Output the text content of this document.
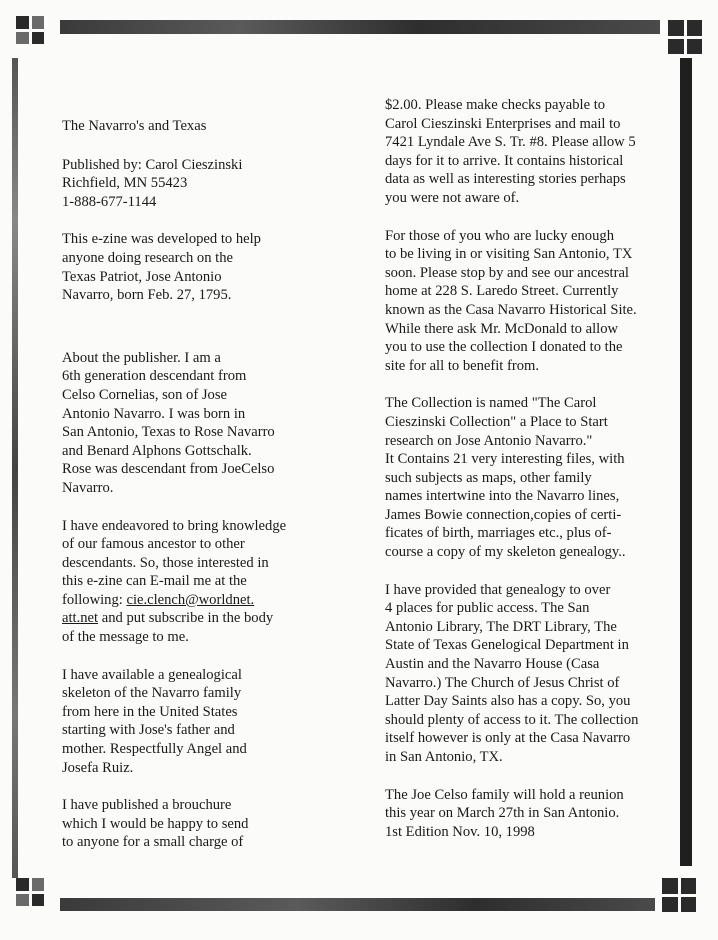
The Navarro's and Texas

Published by: Carol Cieszinski
Richfield, MN 55423
1-888-677-1144

This e-zine was developed to help
anyone doing research on the
Texas Patriot, Jose Antonio
Navarro, born Feb. 27, 1795.

About the publisher. I am a
6th generation descendant from
Celso Cornelias, son of Jose
Antonio Navarro. I was born in
San Antonio, Texas to Rose Navarro
and Benard Alphons Gottschalk.
Rose was descendant from JoeCelso
Navarro.

I have endeavored to bring knowledge
of our famous ancestor to other
descendants. So, those interested in
this e-zine can E-mail me at the
following: cie.clench@worldnet.
att.net and put subscribe in the body
of the message to me.

I have available a genealogical
skeleton of the Navarro family
from here in the United States
starting with Jose's father and
mother. Respectfully Angel and
Josefa Ruiz.

I have published a brouchure
which I would be happy to send
to anyone for a small charge of

$2.00. Please make checks payable to
Carol Cieszinski Enterprises and mail to
7421 Lyndale Ave S. Tr. #8. Please allow 5
days for it to arrive. It contains historical
data as well as interesting stories perhaps
you were not aware of.

For those of you who are lucky enough
to be living in or visiting San Antonio, TX
soon. Please stop by and see our ancestral
home at 228 S. Laredo Street. Currently
known as the Casa Navarro Historical Site.
While there ask Mr. McDonald to allow
you to use the collection I donated to the
site for all to benefit from.

The Collection is named "The Carol
Cieszinski Collection" a Place to Start
research on Jose Antonio Navarro."
It Contains 21 very interesting files, with
such subjects as maps, other family
names intertwine into the Navarro lines,
James Bowie connection,copies of certi-
ficates of birth, marriages etc., plus of-
course a copy of my skeleton genealogy..

I have provided that genealogy to over
4 places for public access. The San
Antonio Library, The DRT Library, The
State of Texas Genelogical Department in
Austin and the Navarro House (Casa
Navarro.) The Church of Jesus Christ of
Latter Day Saints also has a copy. So, you
should plenty of access to it. The collection
itself however is only at the Casa Navarro
in San Antonio, TX.

The Joe Celso family will hold a reunion
this year on March 27th in San Antonio.
1st Edition Nov. 10, 1998
